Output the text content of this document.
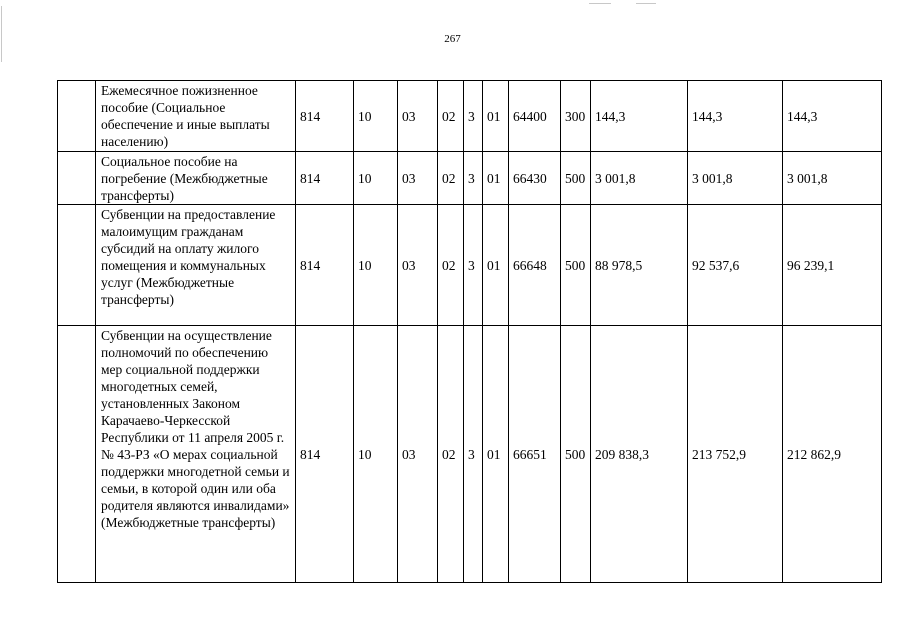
267
	Ежемесячное пожизненное пособие (Социальное обеспечение и иные выплаты населению)	814	10	03	02	3	01	64400	300	144,3	144,3	144,3
	Социальное пособие на погребение (Межбюджетные трансферты)	814	10	03	02	3	01	66430	500	3 001,8	3 001,8	3 001,8
	Субвенции на предоставление малоимущим гражданам субсидий на оплату жилого помещения и коммунальных услуг (Межбюджетные трансферты)	814	10	03	02	3	01	66648	500	88 978,5	92 537,6	96 239,1
	Субвенции на осуществление полномочий по обеспечению мер социальной поддержки многодетных семей, установленных Законом Карачаево-Черкесской Республики от 11 апреля 2005 г. № 43-РЗ «О мерах социальной поддержки многодетной семьи и семьи, в которой один или оба родителя являются инвалидами» (Межбюджетные трансферты)	814	10	03	02	3	01	66651	500	209 838,3	213 752,9	212 862,9
